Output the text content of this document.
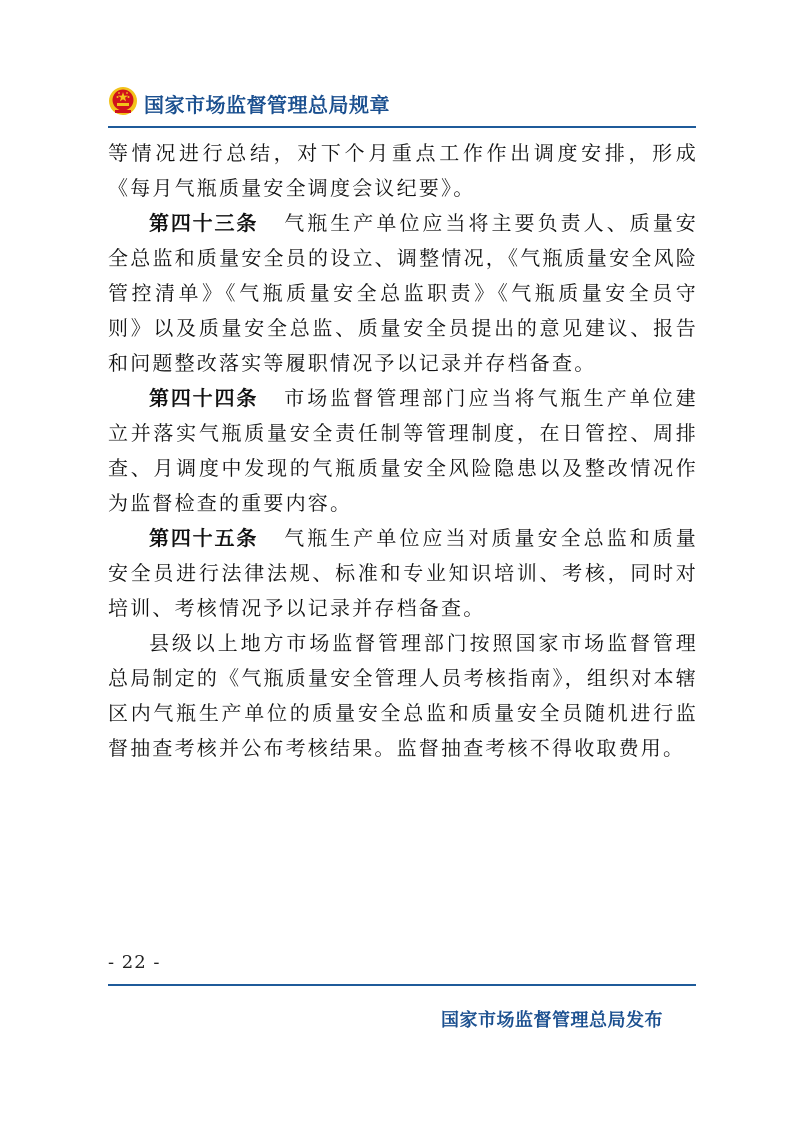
国家市场监督管理总局规章

等情况进行总结，对下个月重点工作作出调度安排，形成《每月气瓶质量安全调度会议纪要》。

第四十三条 气瓶生产单位应当将主要负责人、质量安全总监和质量安全员的设立、调整情况，《气瓶质量安全风险管控清单》《气瓶质量安全总监职责》《气瓶质量安全员守则》以及质量安全总监、质量安全员提出的意见建议、报告和问题整改落实等履职情况予以记录并存档备查。

第四十四条 市场监督管理部门应当将气瓶生产单位建立并落实气瓶质量安全责任制等管理制度，在日管控、周排查、月调度中发现的气瓶质量安全风险隐患以及整改情况作为监督检查的重要内容。

第四十五条 气瓶生产单位应当对质量安全总监和质量安全员进行法律法规、标准和专业知识培训、考核，同时对培训、考核情况予以记录并存档备查。

县级以上地方市场监督管理部门按照国家市场监督管理总局制定的《气瓶质量安全管理人员考核指南》，组织对本辖区内气瓶生产单位的质量安全总监和质量安全员随机进行监督抽查考核并公布考核结果。监督抽查考核不得收取费用。

- 22 -
国家市场监督管理总局发布
